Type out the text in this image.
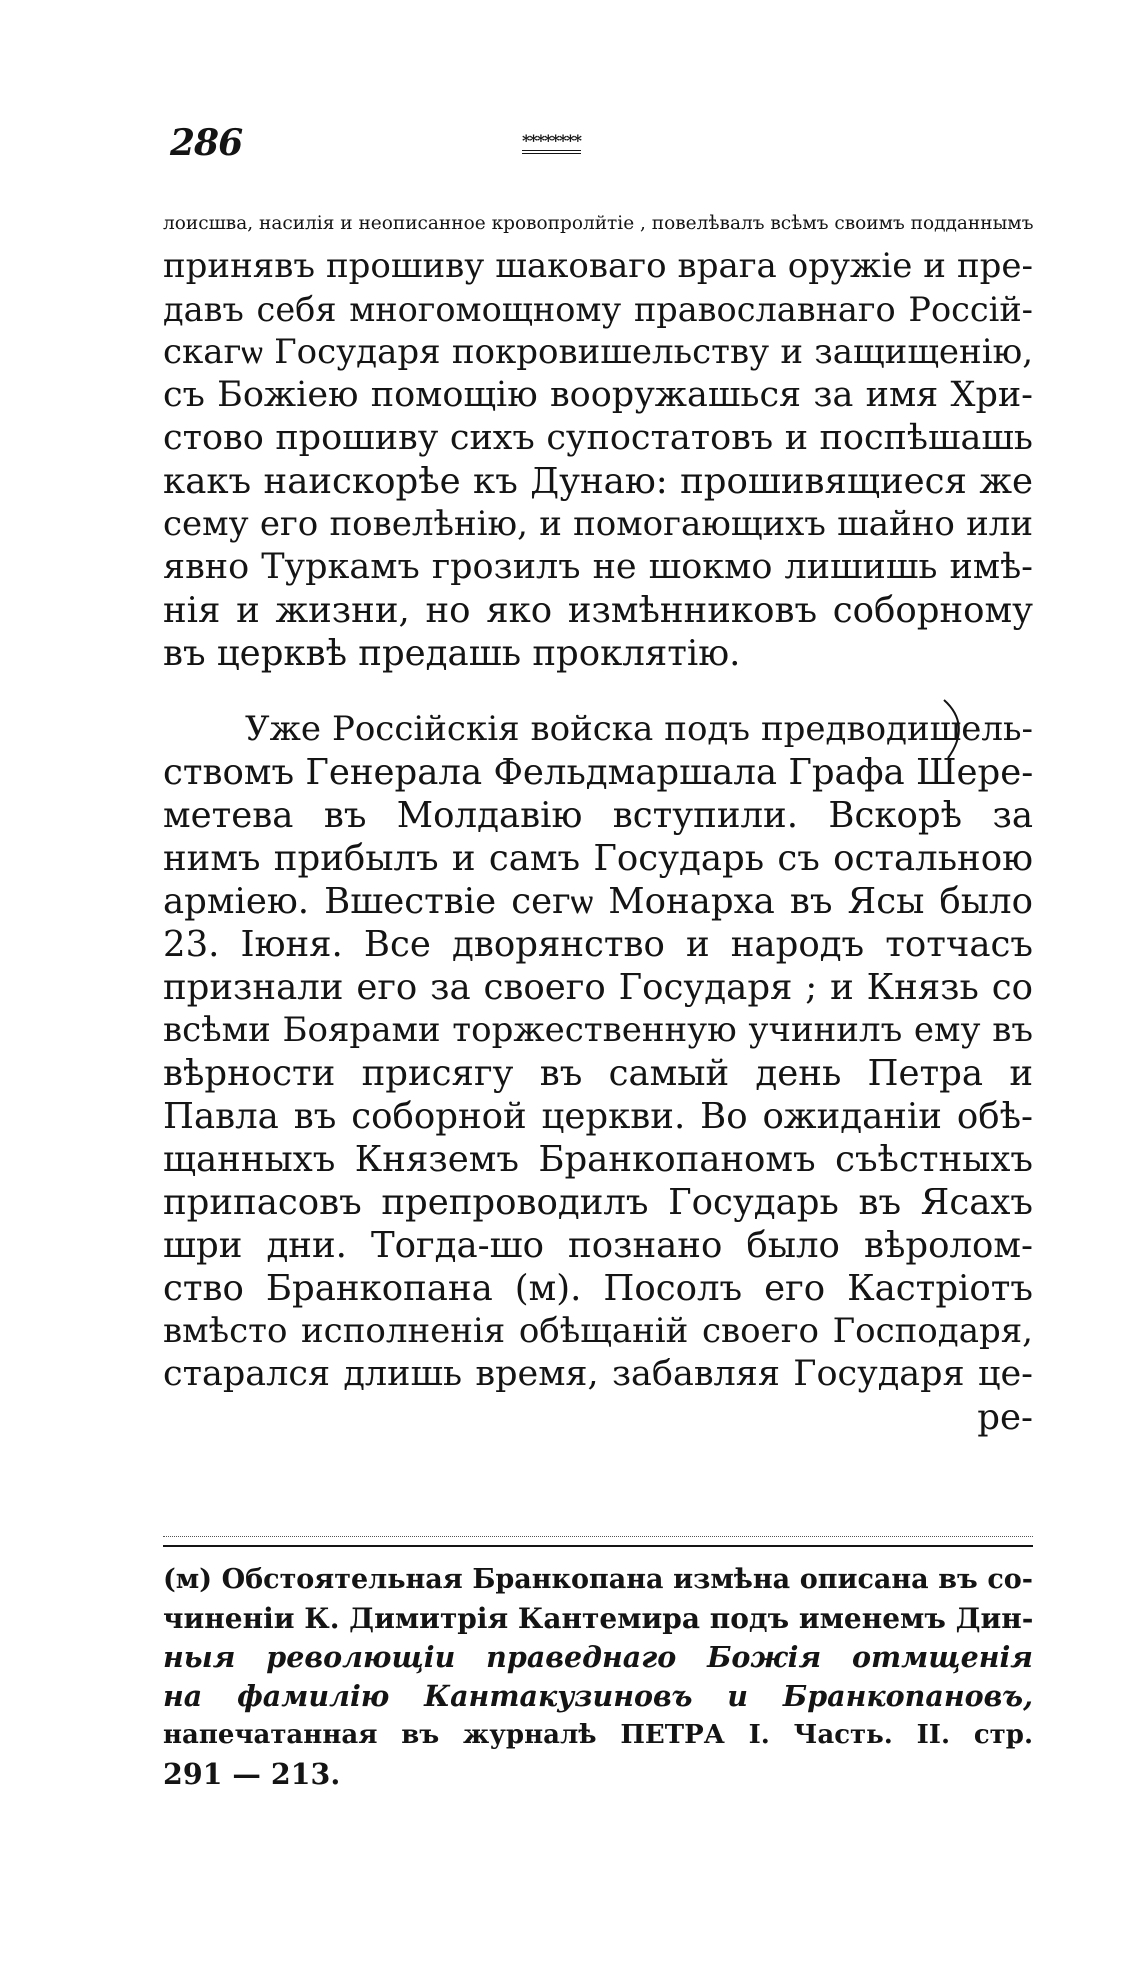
286	********
лоисшва, насилія и неописанное кровопролйтіе , повелѣвалъ всѣмъ своимъ подданнымъ
принявъ прошиву шаковаго врага оружіе и пре-
давъ себя многомощному православнаго Россій-
скагѡ Государя покровишельству и защищенію,
съ Божіею помощію вооружашься за имя Хри-
стово прошиву сихъ супостатовъ и поспѣшашь
какъ наискорѣе къ Дунаю: прошивящиеся же
сему его повелѣнію, и помогающихъ шайно или
явно Туркамъ грозилъ не шокмо лишишь имѣ-
нія и жизни, но яко измѣнниковъ соборному
въ церквѣ предашь проклятію.
Уже Россійскія войска подъ предводишель-
ствомъ Генерала Фельдмаршала Графа Шере-
метева въ Молдавію вступили. Вскорѣ за
нимъ прибылъ и самъ Государь съ остальною
арміею. Вшествіе сегѡ Монарха въ Ясы было
23. Іюня. Все дворянство и народъ тотчасъ
признали его за своего Государя ; и Князь со
всѣми Боярами торжественную учинилъ ему въ
вѣрности присягу въ самый день Петра и
Павла въ соборной церкви. Во ожиданіи обѣ-
щанныхъ Княземъ Бранкопаномъ съѣстныхъ
припасовъ препроводилъ Государь въ Ясахъ
шри дни. Тогда-шо познано было вѣролом-
ство Бранкопана (м). Посолъ его Кастріотъ
вмѣсто исполненія обѣщаній своего Господаря,
старался длишь время, забавляя Государя це-
ре-
(м) Обстоятельная Бранкопана измѣна описана въ со-
чиненіи К. Димитрія Кантемира подъ именемъ Дин-
ныя револющіи праведнаго Божія отмщенія
на фамилію Кантакузиновъ и Бранкопановъ,
напечатанная въ журналѣ ПЕТРА I. Часть. II. стр.
291 — 213.
